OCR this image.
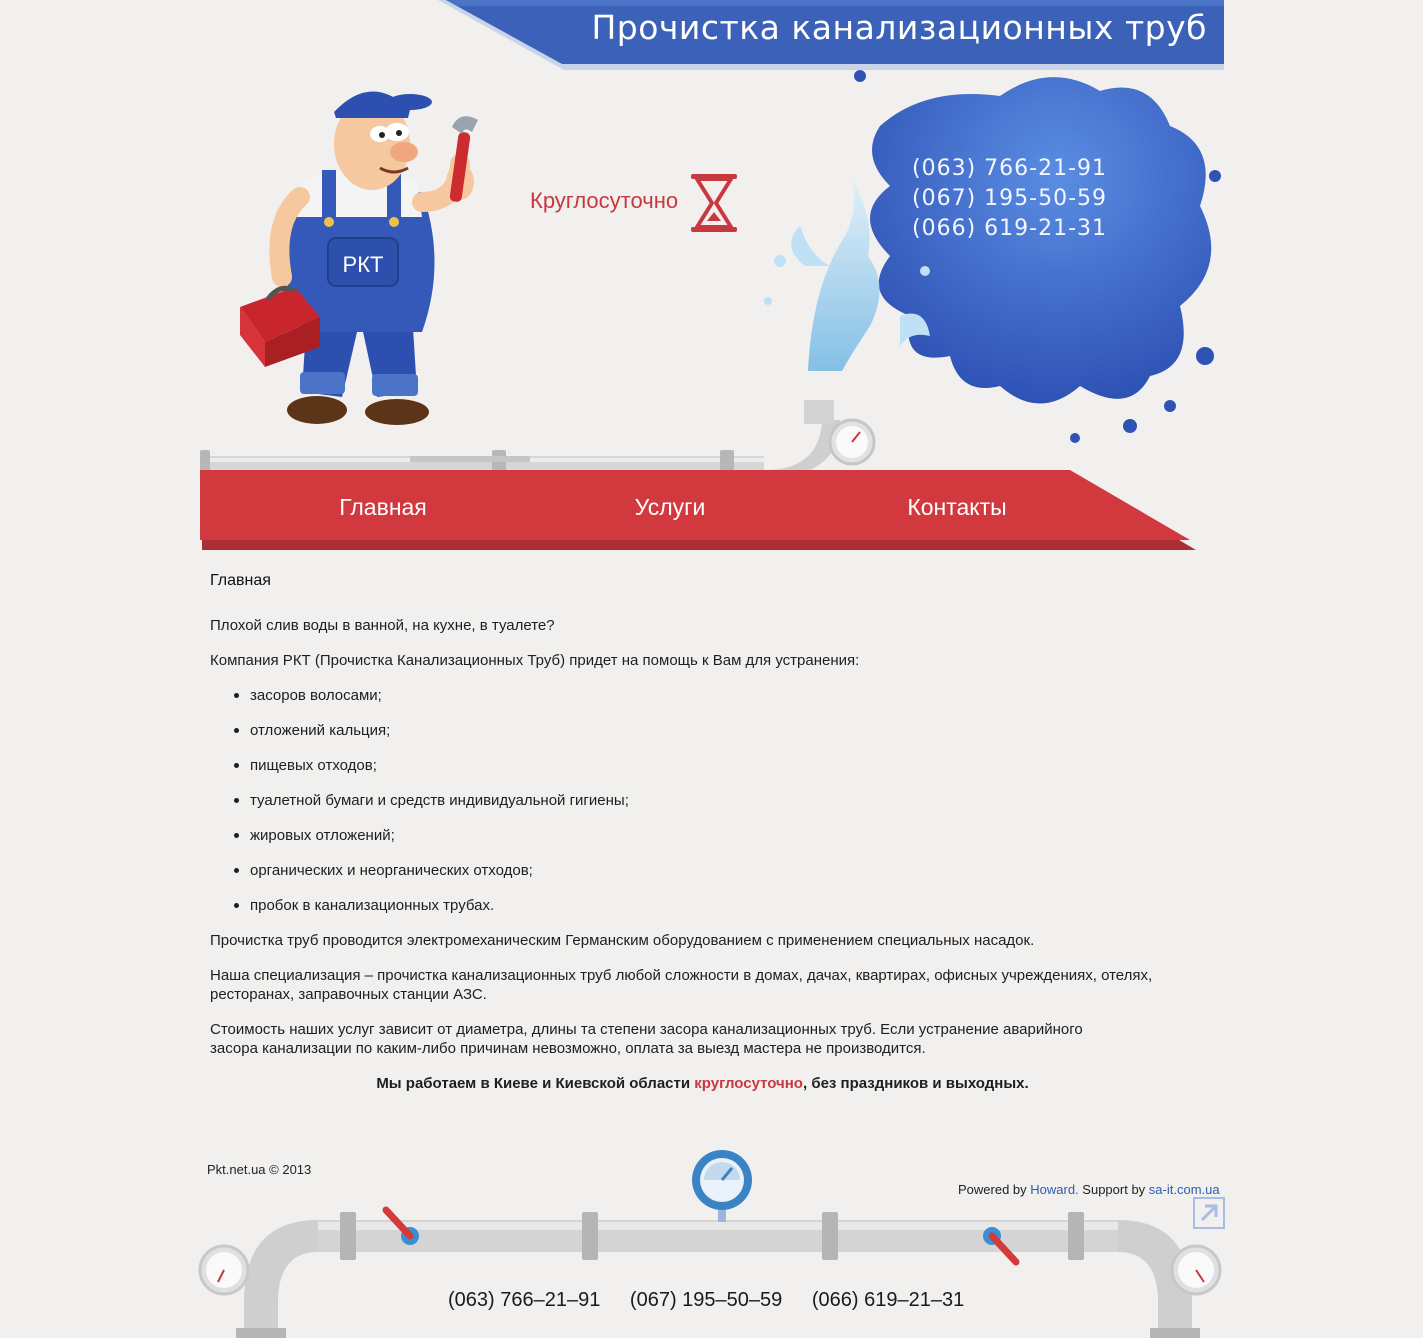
Прочистка канализационных труб
РКТ
Круглосуточно
(063) 766-21-91
(067) 195-50-59
(066) 619-21-31
Главная	Услуги	Контакты
Главная

Плохой слив воды в ванной, на кухне, в туалете?

Компания РКТ (Прочистка Канализационных Труб) придет на помощь к Вам для устранения:

засоров волосами;
отложений кальция;
пищевых отходов;
туалетной бумаги и средств индивидуальной гигиены;
жировых отложений;
органических и неорганических отходов;
пробок в канализационных трубах.

Прочистка труб проводится электромеханическим Германским оборудованием с применением специальных насадок.

Наша специализация – прочистка канализационных труб любой сложности в домах, дачах, квартирах, офисных учреждениях, отелях, ресторанах, заправочных станции АЗС.

Стоимость наших услуг зависит от диаметра, длины та степени засора канализационных труб. Если устранение аварийного
засора канализации по каким-либо причинам невозможно, оплата за выезд мастера не производится.

Мы работаем в Киеве и Киевской области круглосуточно, без праздников и выходных.

Pkt.net.ua © 2013
Powered by Howard. Support by sa-it.com.ua
(063) 766–21–91 (067) 195–50–59 (066) 619–21–31
